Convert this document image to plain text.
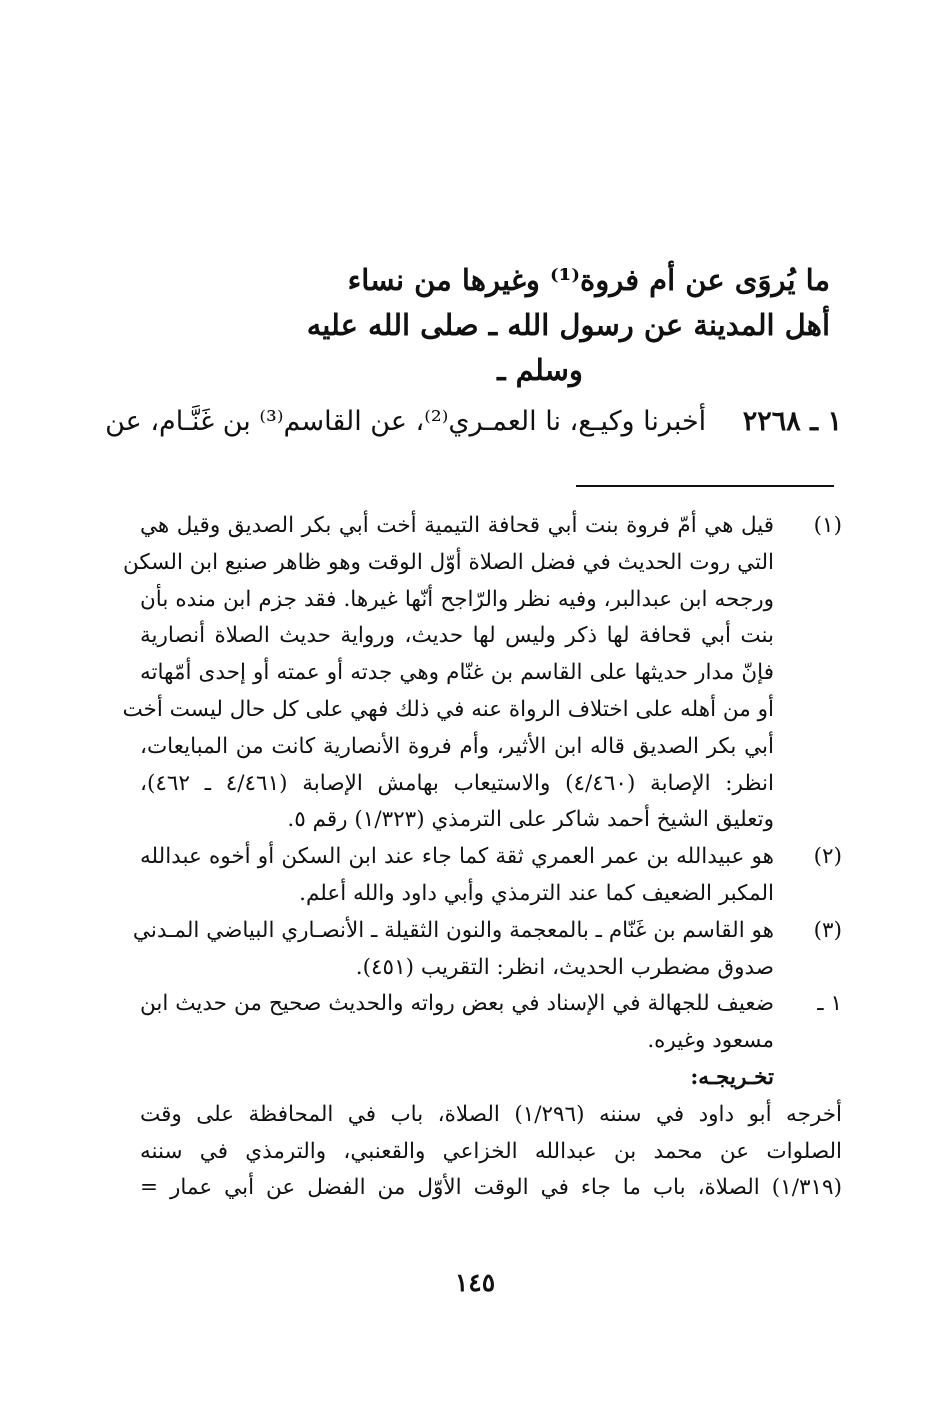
ما يُروَى عن أم فروة⁽¹⁾ وغيرها من نساء
أهل المدينة عن رسول الله ـ صلى الله عليه
وسلم ـ
١ ـ ٢٢٦٨ أخبرنا وكيـع، نا العمـري⁽²⁾، عن القاسم⁽³⁾ بن غَنَّـام، عن
(١)
قيل هي أمّ فروة بنت أبي قحافة التيمية أخت أبي بكر الصديق وقيل هي
التي روت الحديث في فضل الصلاة أوّل الوقت وهو ظاهر صنيع ابن السكن
ورجحه ابن عبدالبر، وفيه نظر والرّاجح أنّها غيرها. فقد جزم ابن منده بأن
بنت أبي قحافة لها ذكر وليس لها حديث، ورواية حديث الصلاة أنصارية
فإنّ مدار حديثها على القاسم بن غنّام وهي جدته أو عمته أو إحدى أمّهاته
أو من أهله على اختلاف الرواة عنه في ذلك فهي على كل حال ليست أخت
أبي بكر الصديق قاله ابن الأثير، وأم فروة الأنصارية كانت من المبايعات،
انظر: الإصابة (٤/٤٦٠) والاستيعاب بهامش الإصابة (٤/٤٦١ ـ ٤٦٢)،
وتعليق الشيخ أحمد شاكر على الترمذي (١/٣٢٣) رقم ٥.
(٢)
هو عبيدالله بن عمر العمري ثقة كما جاء عند ابن السكن أو أخوه عبدالله
المكبر الضعيف كما عند الترمذي وأبي داود والله أعلم.
(٣)
هو القاسم بن غَنّام ـ بالمعجمة والنون الثقيلة ـ الأنصـاري البياضي المـدني
صدوق مضطرب الحديث، انظر: التقريب (٤٥١).
١ ـ
ضعيف للجهالة في الإسناد في بعض رواته والحديث صحيح من حديث ابن
مسعود وغيره.
تخـريجـه:
أخرجه أبو داود في سننه (١/٢٩٦) الصلاة، باب في المحافظة على وقت
الصلوات عن محمد بن عبدالله الخزاعي والقعنبي، والترمذي في سننه
(١/٣١٩) الصلاة، باب ما جاء في الوقت الأوّل من الفضل عن أبي عمار =
١٤٥
